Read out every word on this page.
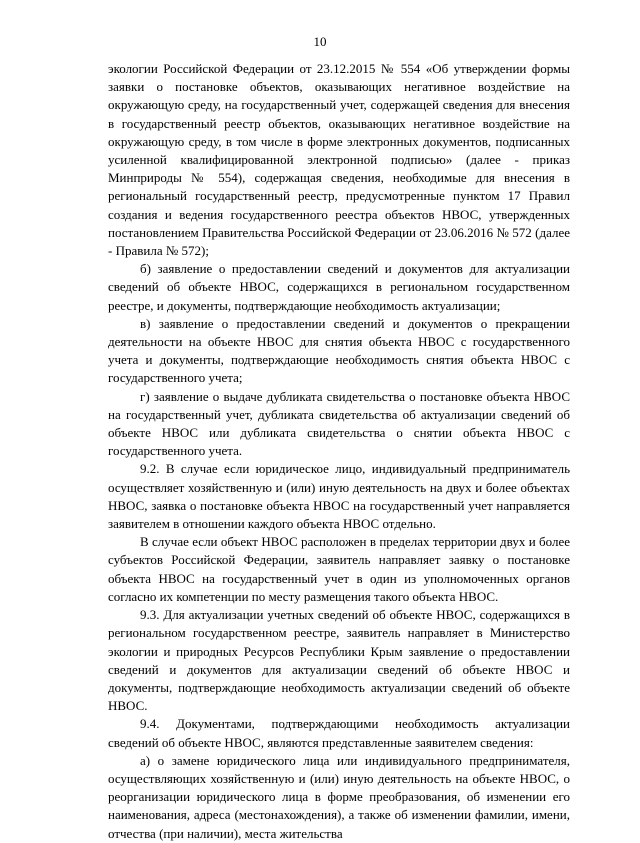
10

экологии Российской Федерации от 23.12.2015 № 554 «Об утверждении формы заявки о постановке объектов, оказывающих негативное воздействие на окружающую среду, на государственный учет, содержащей сведения для внесения в государственный реестр объектов, оказывающих негативное воздействие на окружающую среду, в том числе в форме электронных документов, подписанных усиленной квалифицированной электронной подписью» (далее - приказ Минприроды № 554), содержащая сведения, необходимые для внесения в региональный государственный реестр, предусмотренные пунктом 17 Правил создания и ведения государственного реестра объектов НВОС, утвержденных постановлением Правительства Российской Федерации от 23.06.2016 № 572 (далее - Правила № 572);

б) заявление о предоставлении сведений и документов для актуализации сведений об объекте НВОС, содержащихся в региональном государственном реестре, и документы, подтверждающие необходимость актуализации;

в) заявление о предоставлении сведений и документов о прекращении деятельности на объекте НВОС для снятия объекта НВОС с государственного учета и документы, подтверждающие необходимость снятия объекта НВОС с государственного учета;

г) заявление о выдаче дубликата свидетельства о постановке объекта НВОС на государственный учет, дубликата свидетельства об актуализации сведений об объекте НВОС или дубликата свидетельства о снятии объекта НВОС с государственного учета.

9.2. В случае если юридическое лицо, индивидуальный предприниматель осуществляет хозяйственную и (или) иную деятельность на двух и более объектах НВОС, заявка о постановке объекта НВОС на государственный учет направляется заявителем в отношении каждого объекта НВОС отдельно.

В случае если объект НВОС расположен в пределах территории двух и более субъектов Российской Федерации, заявитель направляет заявку о постановке объекта НВОС на государственный учет в один из уполномоченных органов согласно их компетенции по месту размещения такого объекта НВОС.

9.3. Для актуализации учетных сведений об объекте НВОС, содержащихся в региональном государственном реестре, заявитель направляет в Министерство экологии и природных Ресурсов Республики Крым заявление о предоставлении сведений и документов для актуализации сведений об объекте НВОС и документы, подтверждающие необходимость актуализации сведений об объекте НВОС.

9.4. Документами, подтверждающими необходимость актуализации сведений об объекте НВОС, являются представленные заявителем сведения:

а) о замене юридического лица или индивидуального предпринимателя, осуществляющих хозяйственную и (или) иную деятельность на объекте НВОС, о реорганизации юридического лица в форме преобразования, об изменении его наименования, адреса (местонахождения), а также об изменении фамилии, имени, отчества (при наличии), места жительства
